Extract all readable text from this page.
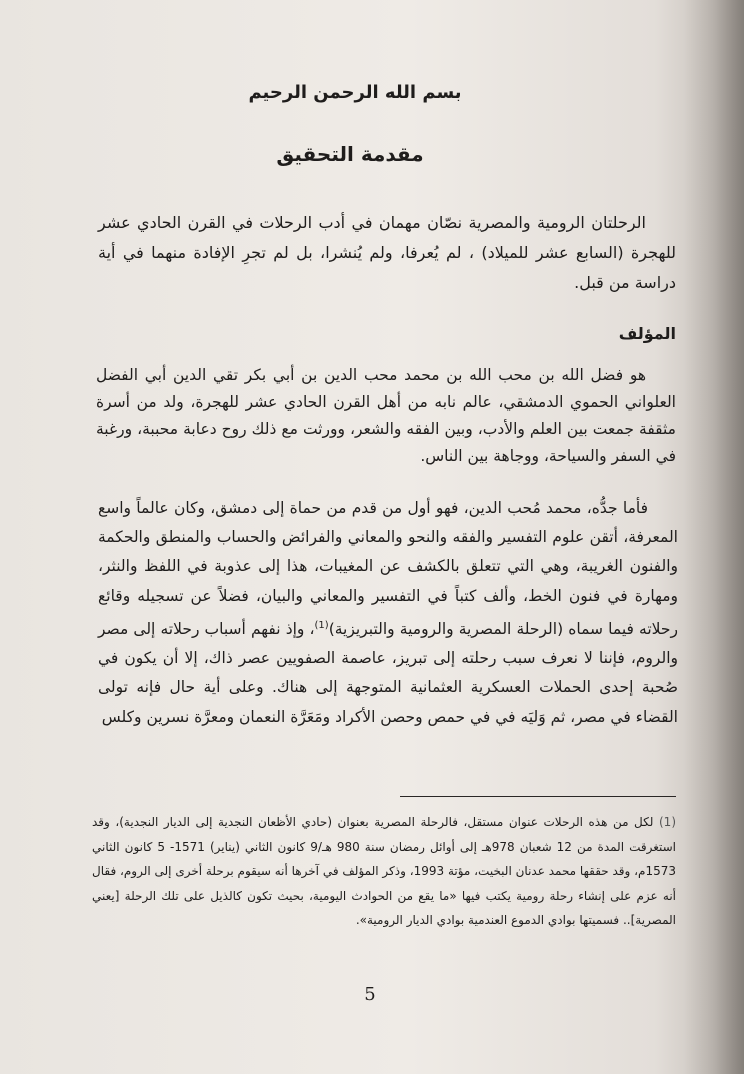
بسم الله الرحمن الرحيم
مقدمة التحقيق

الرحلتان الرومية والمصرية نصّان مهمان في أدب الرحلات في القرن الحادي عشر للهجرة (السابع عشر للميلاد) ، لم يُعرفا، ولم يُنشرا، بل لم تجرِ الإفادة منهما في أية دراسة من قبل.

المؤلف

هو فضل الله بن محب الله بن محمد محب الدين بن أبي بكر تقي الدين أبي الفضل العلواني الحموي الدمشقي، عالم نابه من أهل القرن الحادي عشر للهجرة، ولد من أسرة مثقفة جمعت بين العلم والأدب، وبين الفقه والشعر، وورثت مع ذلك روح دعابة محببة، ورغبة في السفر والسياحة، ووجاهة بين الناس.

فأما جدُّه، محمد مُحب الدين، فهو أول من قدم من حماة إلى دمشق، وكان عالماً واسع المعرفة، أتقن علوم التفسير والفقه والنحو والمعاني والفرائض والحساب والمنطق والحكمة والفنون الغريبة، وهي التي تتعلق بالكشف عن المغيبات، هذا إلى عذوبة في اللفظ والنثر، ومهارة في فنون الخط، وألف كتباً في التفسير والمعاني والبيان، فضلاً عن تسجيله وقائع رحلاته فيما سماه (الرحلة المصرية والرومية والتبريزية)$^{(1)}$، وإذ نفهم أسباب رحلاته إلى مصر والروم، فإننا لا نعرف سبب رحلته إلى تبريز، عاصمة الصفويين عصر ذاك، إلا أن يكون في صُحبة إحدى الحملات العسكرية العثمانية المتوجهة إلى هناك. وعلى أية حال فإنه تولى القضاء في مصر، ثم وَليَه في في حمص وحصن الأكراد ومَعَرَّة النعمان ومعرَّة نسرين وكلس

(1) لكل من هذه الرحلات عنوان مستقل، فالرحلة المصرية بعنوان (حادي الأظعان النجدية إلى الديار النجدية)، وقد استغرقت المدة من 12 شعبان 978هـ إلى أوائل رمضان سنة 980 هـ/9 كانون الثاني (يناير) 1571- 5 كانون الثاني 1573م، وقد حققها محمد عدنان البخيت، مؤتة 1993، وذكر المؤلف في آخرها أنه سيقوم برحلة أخرى إلى الروم، فقال أنه عزم على إنشاء رحلة رومية يكتب فيها «ما يقع من الحوادث اليومية، بحيث تكون كالذيل على تلك الرحلة [يعني المصرية].. فسميتها بوادي الدموع العندمية بوادي الديار الرومية».

5
